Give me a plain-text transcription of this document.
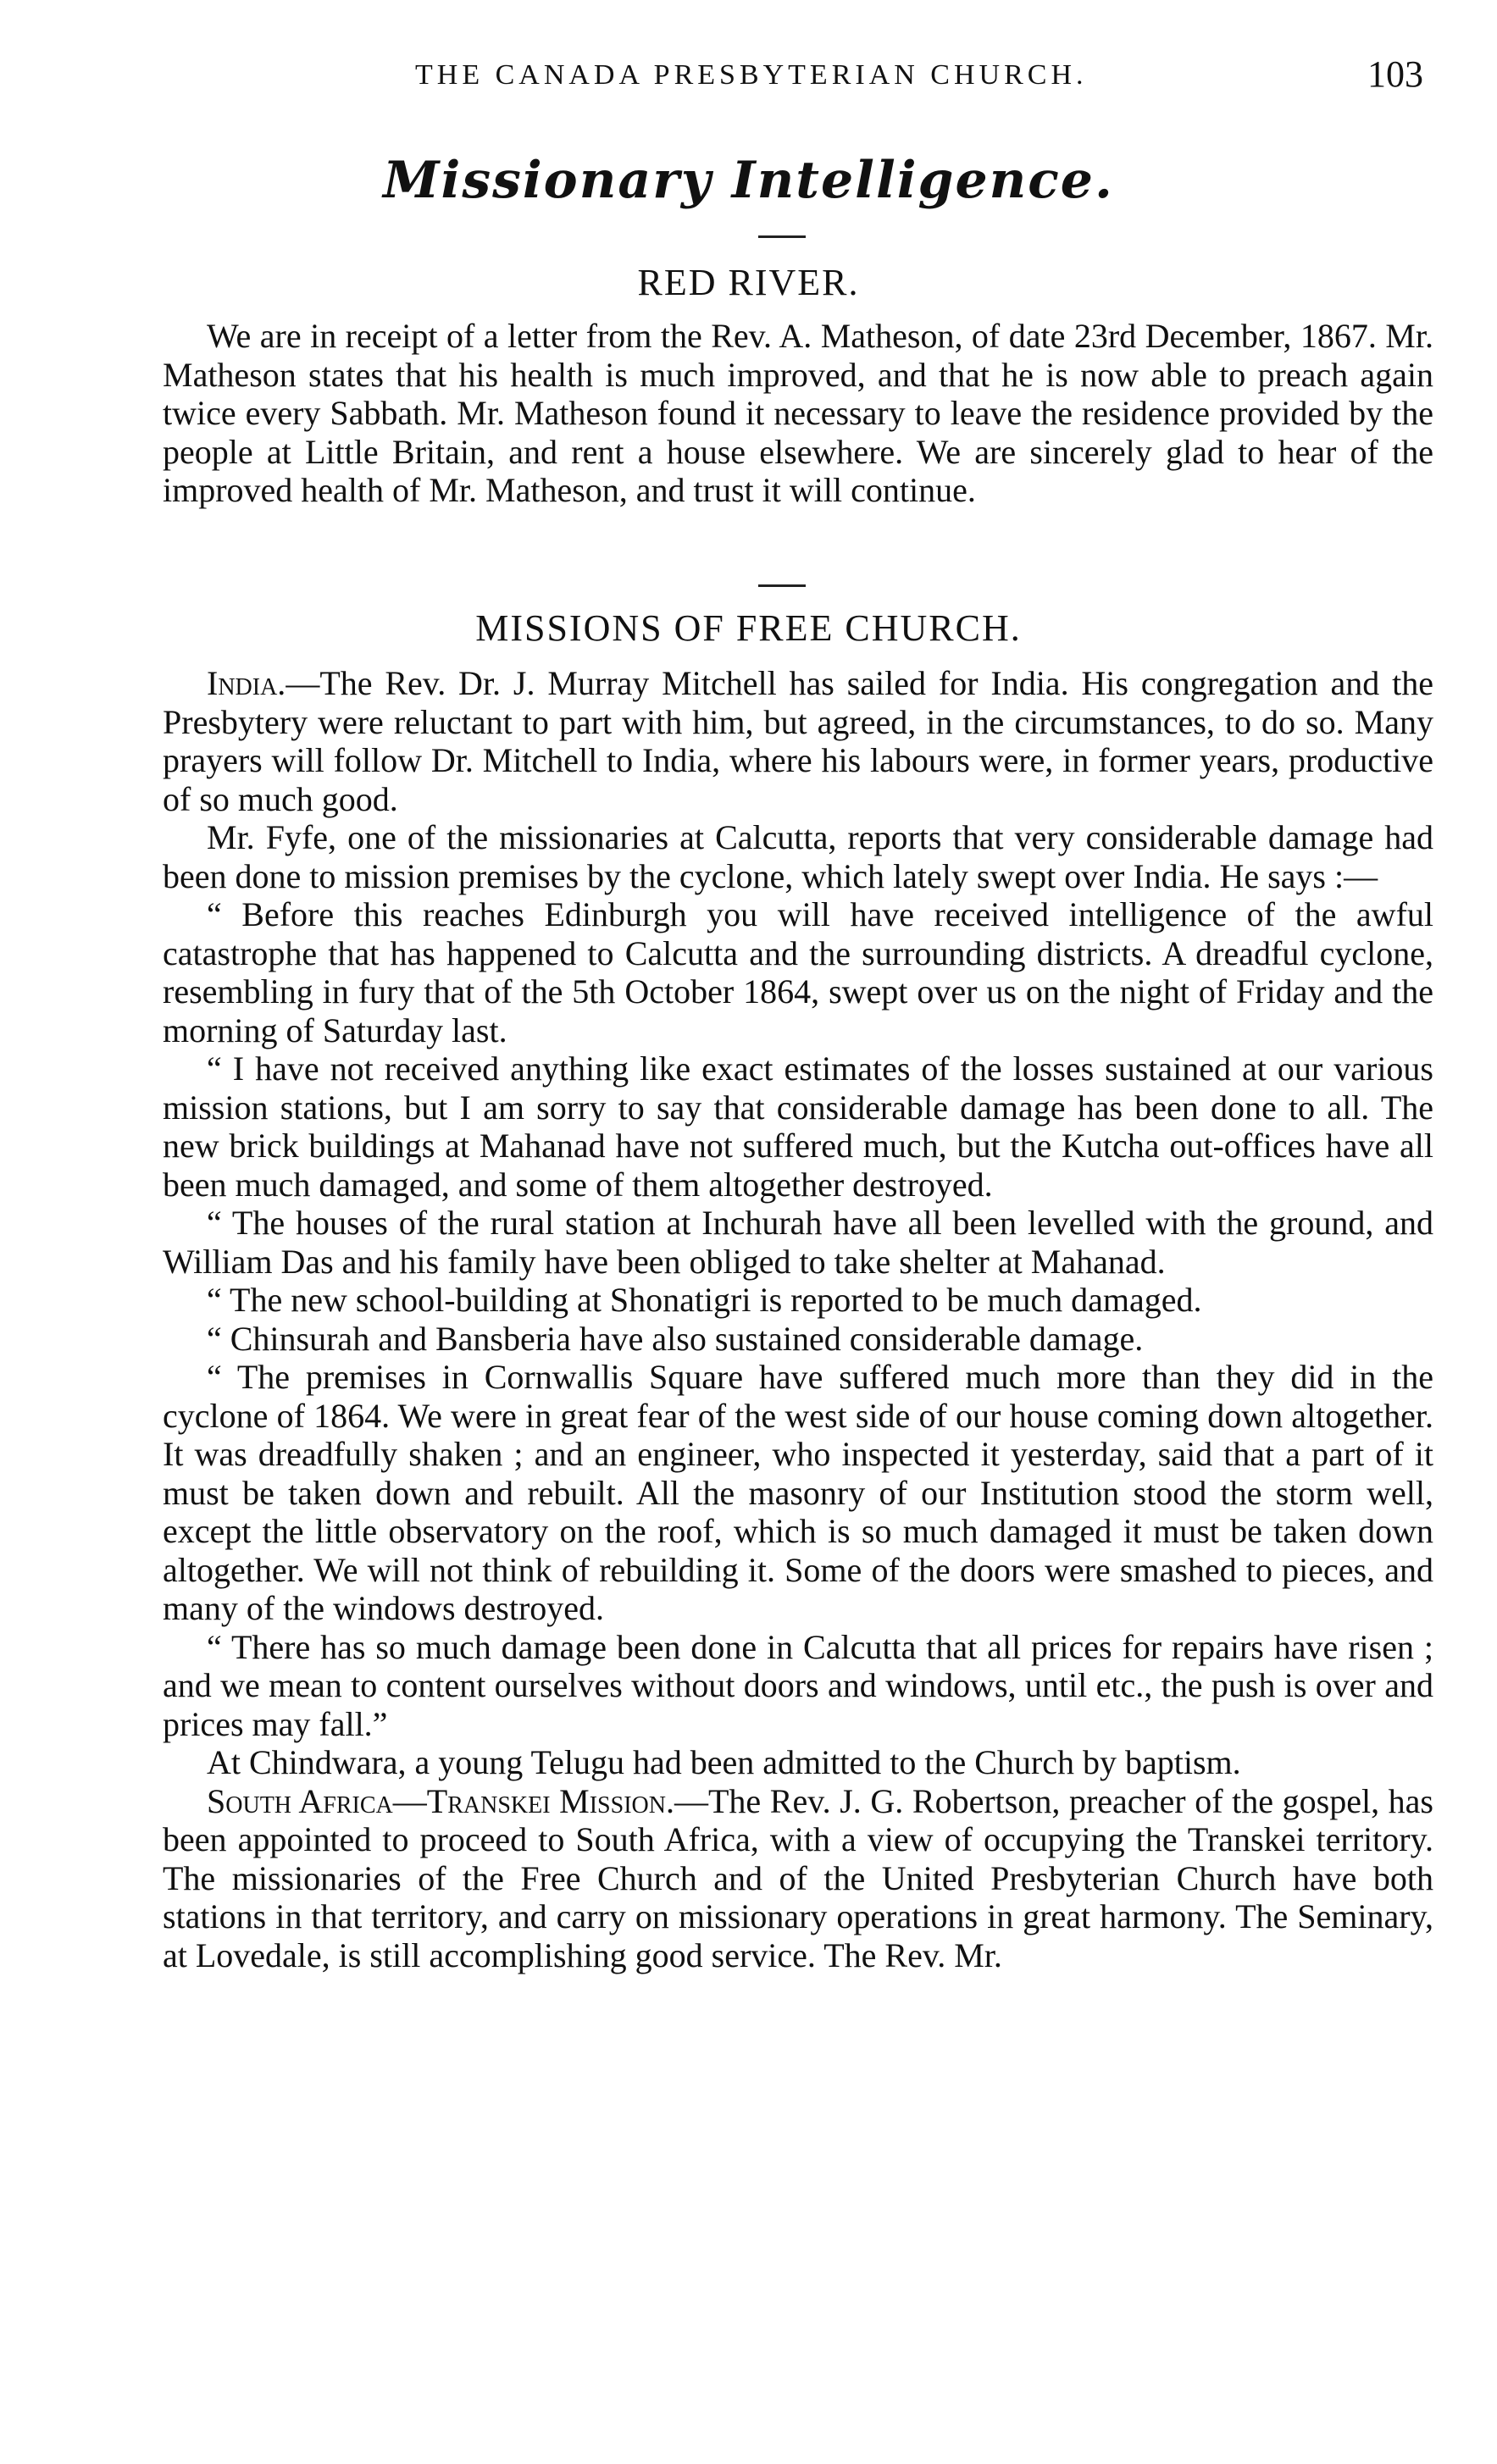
THE CANADA PRESBYTERIAN CHURCH.	103
Missionary Intelligence.
RED RIVER.

We are in receipt of a letter from the Rev. A. Matheson, of date 23rd December, 1867. Mr. Matheson states that his health is much improved, and that he is now able to preach again twice every Sabbath. Mr. Matheson found it necessary to leave the residence provided by the people at Little Britain, and rent a house elsewhere. We are sincerely glad to hear of the improved health of Mr. Matheson, and trust it will continue.

MISSIONS OF FREE CHURCH.

India.—The Rev. Dr. J. Murray Mitchell has sailed for India. His congregation and the Presbytery were reluctant to part with him, but agreed, in the circumstances, to do so. Many prayers will follow Dr. Mitchell to India, where his labours were, in former years, productive of so much good.

Mr. Fyfe, one of the missionaries at Calcutta, reports that very considerable damage had been done to mission premises by the cyclone, which lately swept over India. He says :—

“ Before this reaches Edinburgh you will have received intelligence of the awful catastrophe that has happened to Calcutta and the surrounding districts. A dreadful cyclone, resembling in fury that of the 5th October 1864, swept over us on the night of Friday and the morning of Saturday last.

“ I have not received anything like exact estimates of the losses sustained at our various mission stations, but I am sorry to say that considerable damage has been done to all. The new brick buildings at Mahanad have not suffered much, but the Kutcha out-offices have all been much damaged, and some of them altogether destroyed.

“ The houses of the rural station at Inchurah have all been levelled with the ground, and William Das and his family have been obliged to take shelter at Mahanad.

“ The new school-building at Shonatigri is reported to be much damaged.

“ Chinsurah and Bansberia have also sustained considerable damage.

“ The premises in Cornwallis Square have suffered much more than they did in the cyclone of 1864. We were in great fear of the west side of our house coming down altogether. It was dreadfully shaken ; and an engineer, who inspected it yesterday, said that a part of it must be taken down and rebuilt. All the masonry of our Institution stood the storm well, except the little observatory on the roof, which is so much damaged it must be taken down altogether. We will not think of rebuilding it. Some of the doors were smashed to pieces, and many of the windows destroyed.

“ There has so much damage been done in Calcutta that all prices for repairs have risen ; and we mean to content ourselves without doors and windows, until etc., the push is over and prices may fall.”

At Chindwara, a young Telugu had been admitted to the Church by baptism.

South Africa—Transkei Mission.—The Rev. J. G. Robertson, preacher of the gospel, has been appointed to proceed to South Africa, with a view of occupying the Transkei territory. The missionaries of the Free Church and of the United Presbyterian Church have both stations in that territory, and carry on missionary operations in great harmony. The Seminary, at Lovedale, is still accomplishing good service. The Rev. Mr.
